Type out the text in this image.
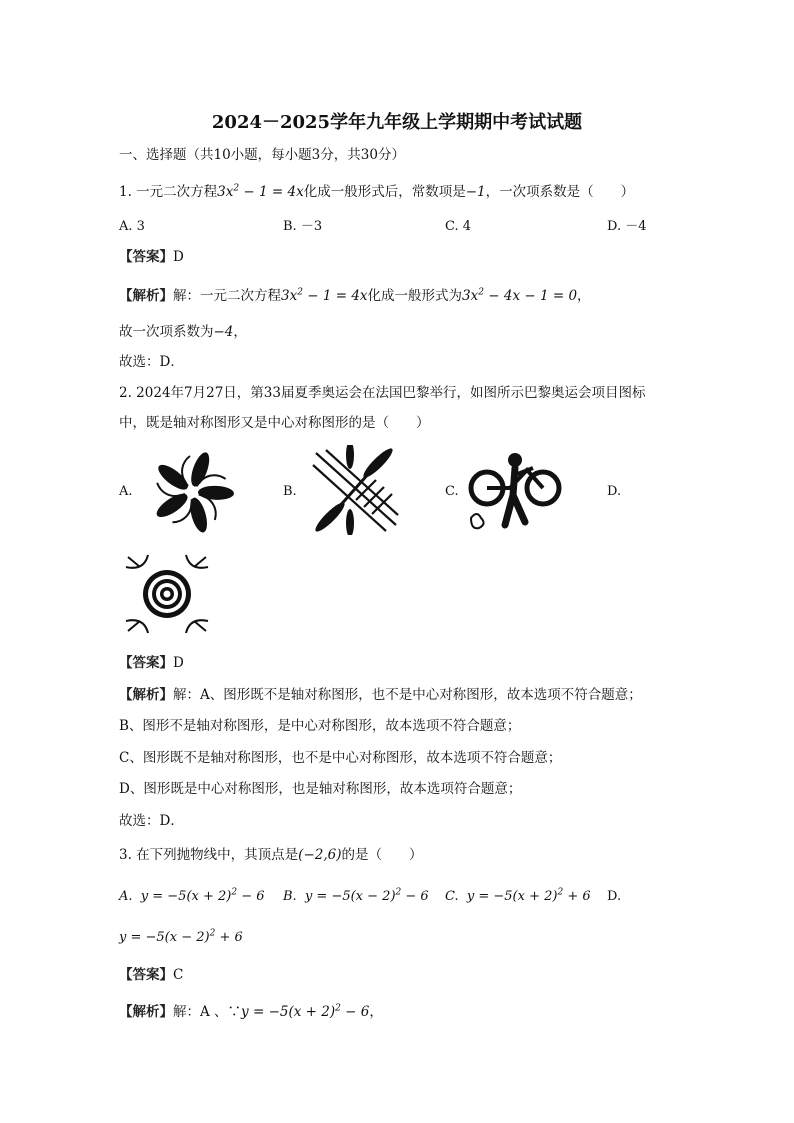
2024－2025学年九年级上学期期中考试试题
一、选择题（共10小题，每小题3分，共30分）
1. 一元二次方程$3x^2 - 1 = 4x$化成一般形式后，常数项是−1，一次项系数是（　　）
A. 3	B. －3	C. 4	D. －4
【答案】D
【解析】解：一元二次方程$3x^2 - 1 = 4x$化成一般形式为$3x^2 - 4x - 1 = 0$，
故一次项系数为−4，
故选：D．
2. 2024年7月27日，第33届夏季奥运会在法国巴黎举行，如图所示巴黎奥运会项目图标
中，既是轴对称图形又是中心对称图形的是（　　）
A.	B.	C.	D.
【答案】D
【解析】解：A、图形既不是轴对称图形，也不是中心对称图形，故本选项不符合题意；
B、图形不是轴对称图形，是中心对称图形，故本选项不符合题意；
C、图形既不是轴对称图形，也不是中心对称图形，故本选项不符合题意；
D、图形既是中心对称图形，也是轴对称图形，故本选项符合题意；
故选：D．
3. 在下列抛物线中，其顶点是(−2,6)的是（　　）
A.  $y = -5(x + 2)^2 - 6$ B.  $y = -5(x - 2)^2 - 6$ C.  $y = -5(x + 2)^2 + 6$ D.
$y = -5(x - 2)^2 + 6$
【答案】C
【解析】解：A 、∵y = $-5(x + 2)^2 - 6$，
